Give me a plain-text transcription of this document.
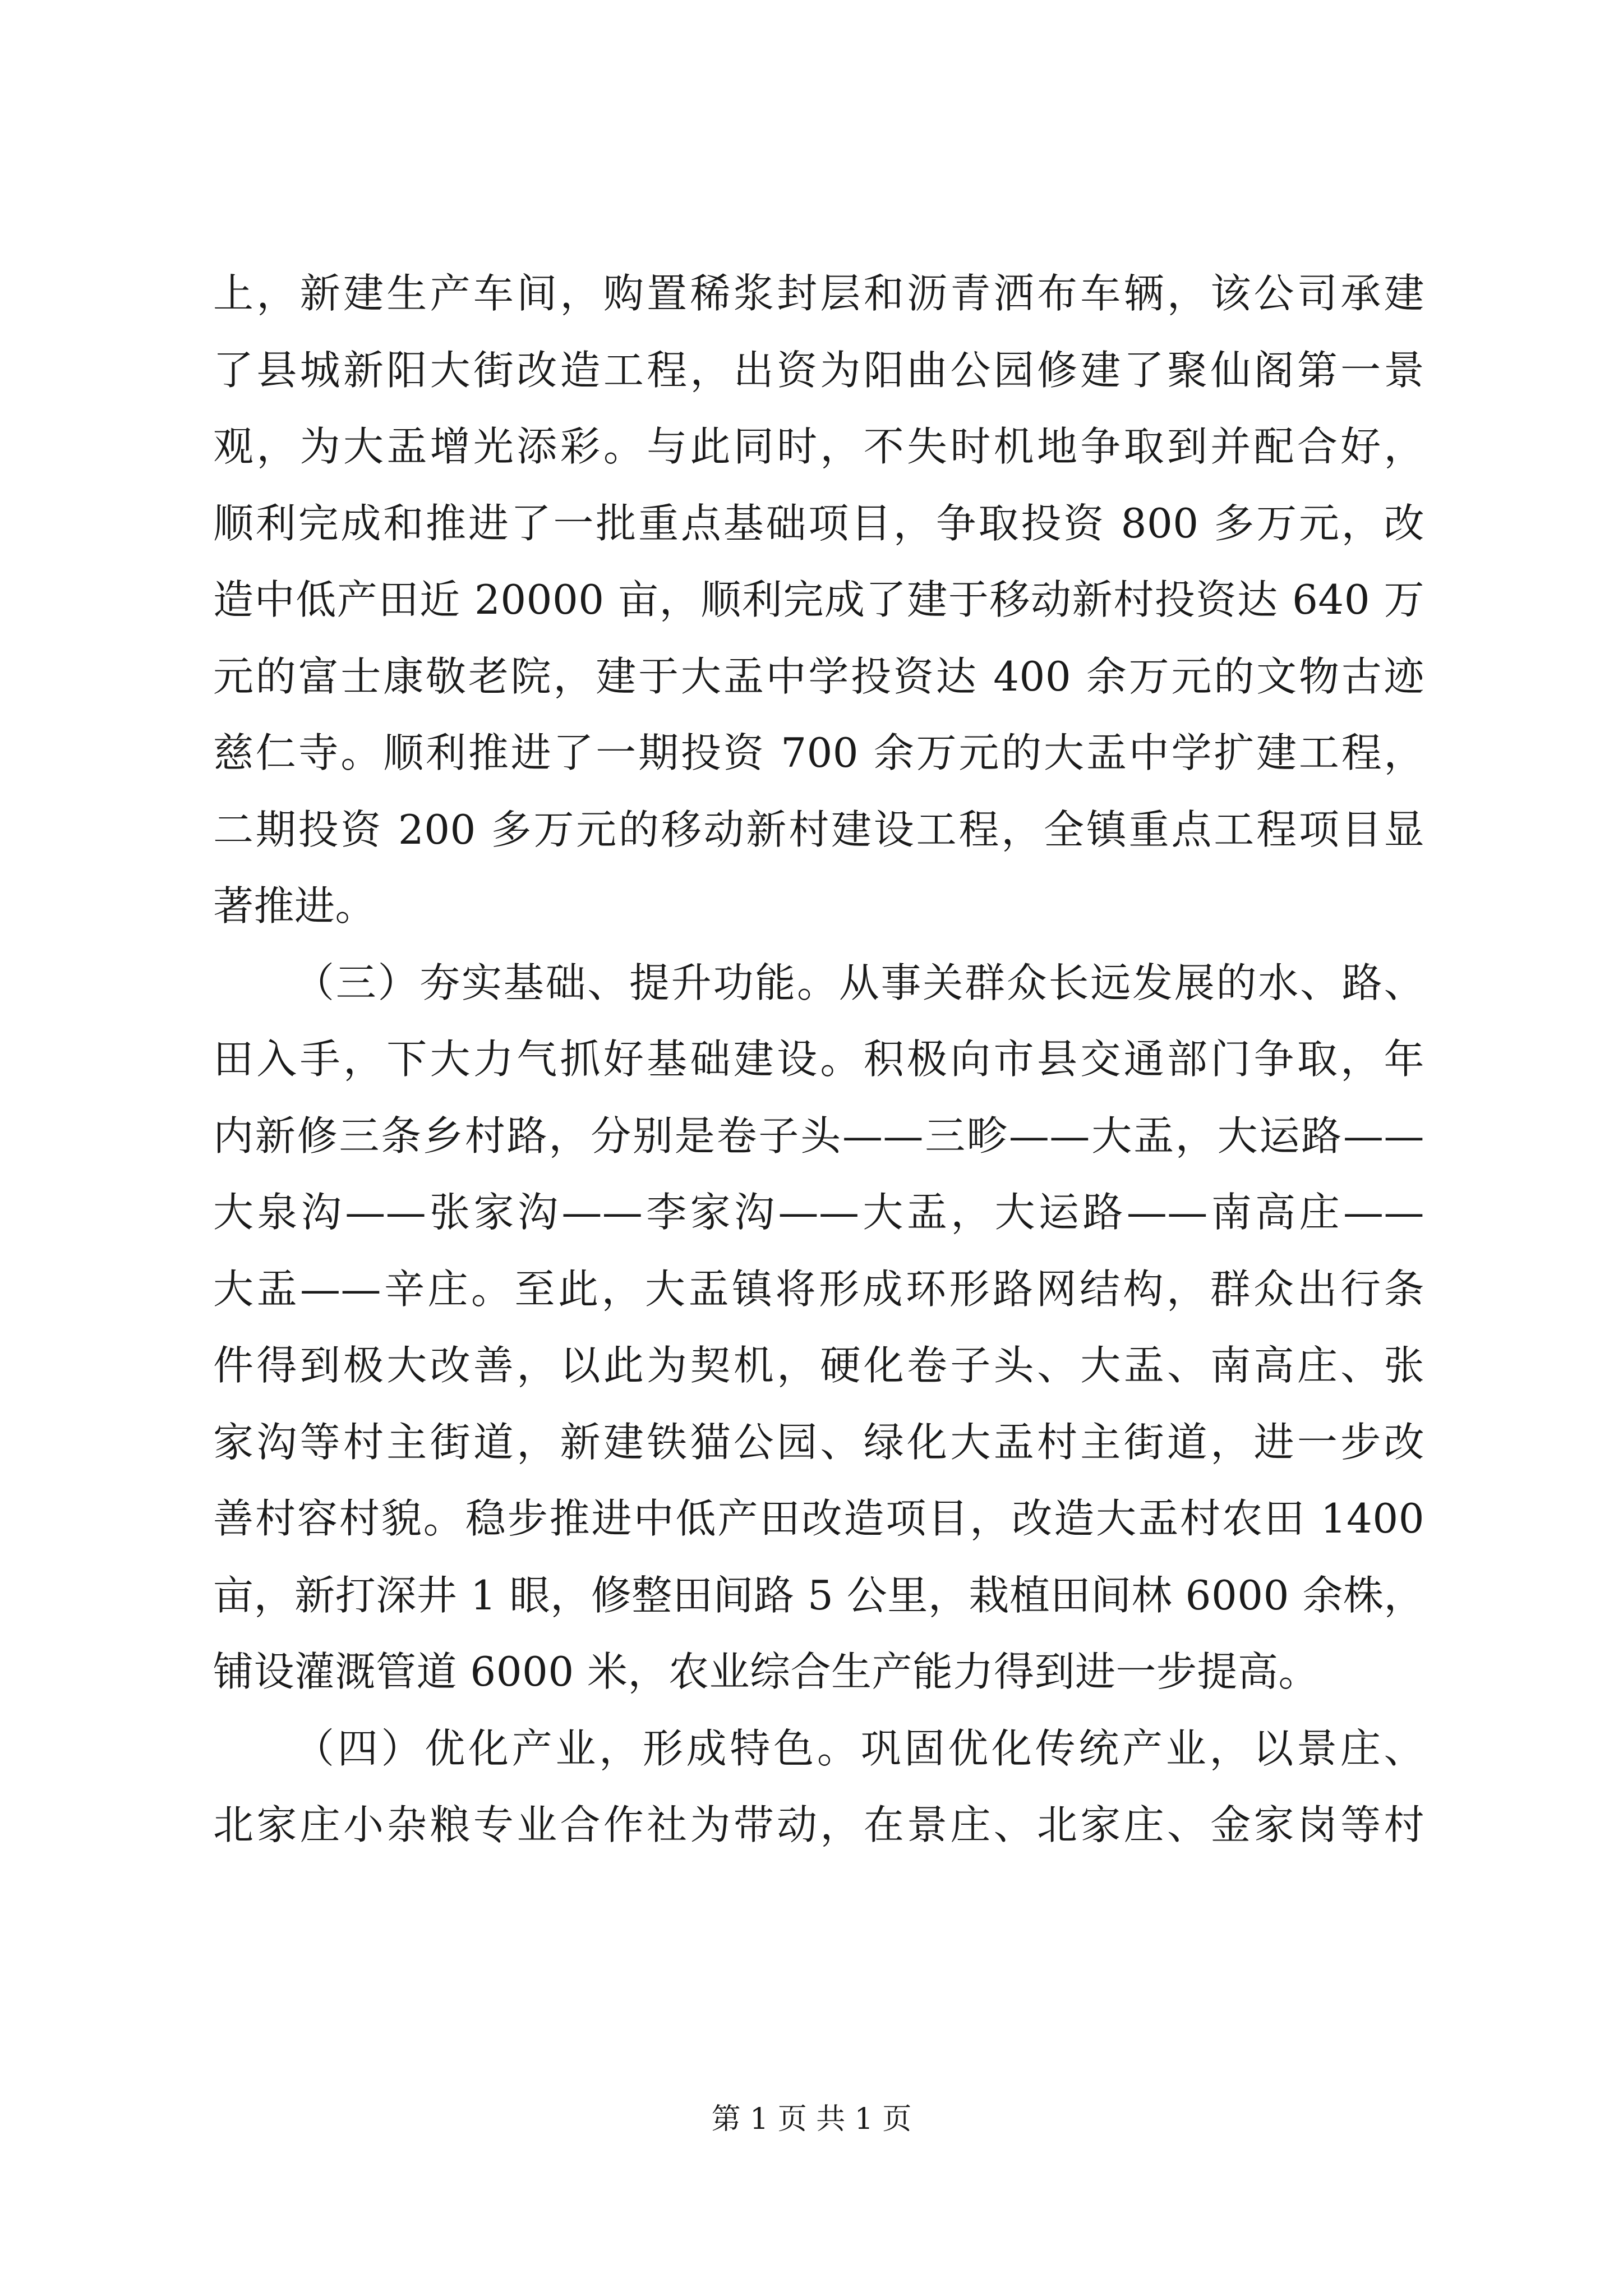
上，新建生产车间，购置稀浆封层和沥青洒布车辆，该公司承建
了县城新阳大街改造工程，出资为阳曲公园修建了聚仙阁第一景
观，为大盂增光添彩。与此同时，不失时机地争取到并配合好，
顺利完成和推进了一批重点基础项目，争取投资 800 多万元，改
造中低产田近 20000 亩，顺利完成了建于移动新村投资达 640 万
元的富士康敬老院，建于大盂中学投资达 400 余万元的文物古迹
慈仁寺。顺利推进了一期投资 700 余万元的大盂中学扩建工程，
二期投资 200 多万元的移动新村建设工程，全镇重点工程项目显
著推进。
（三）夯实基础、提升功能。从事关群众长远发展的水、路、
田入手，下大力气抓好基础建设。积极向市县交通部门争取，年
内新修三条乡村路，分别是卷子头——三畛——大盂，大运路——
大泉沟——张家沟——李家沟——大盂，大运路——南高庄——
大盂——辛庄。至此，大盂镇将形成环形路网结构，群众出行条
件得到极大改善，以此为契机，硬化卷子头、大盂、南高庄、张
家沟等村主街道，新建铁猫公园、绿化大盂村主街道，进一步改
善村容村貌。稳步推进中低产田改造项目，改造大盂村农田 1400
亩，新打深井 1 眼，修整田间路 5 公里，栽植田间林 6000 余株，
铺设灌溉管道 6000 米，农业综合生产能力得到进一步提高。
（四）优化产业，形成特色。巩固优化传统产业，以景庄、
北家庄小杂粮专业合作社为带动，在景庄、北家庄、金家岗等村
第 1 页 共 1 页
